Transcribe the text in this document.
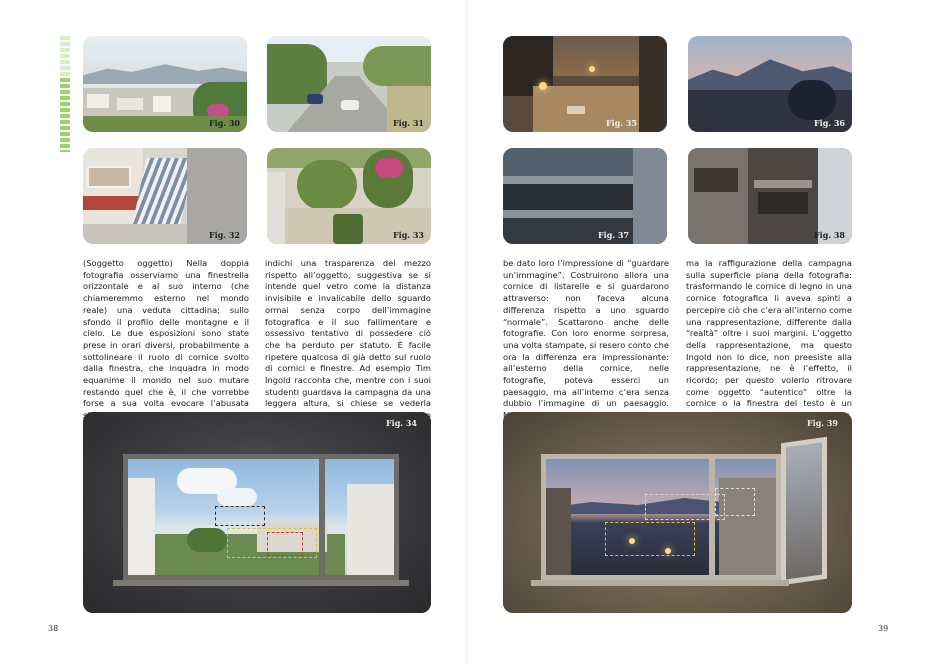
Fig. 30	Fig. 31
Fig. 32	Fig. 33
(Soggetto oggetto) Nella doppia fotografia osserviamo una finestrella orizzontale e al suo interno (che chiameremmo esterno nel mondo reale) una veduta cittadina; sullo sfondo il profilo delle montagne e il cielo. Le due esposizioni sono state prese in orari diversi, probabilmente a sottolineare il ruolo di cornice svolto dalla finestra, che inquadra in modo equanime il mondo nel suo mutare restando quel che è, il che vorrebbe forse a sua volta evocare l’abusata
indichi una trasparenza del mezzo rispetto all’oggetto, suggestiva se si intende quel vetro come la distanza invisibile e invalicabile dello sguardo ormai senza corpo dell’immagine fotografica e il suo fallimentare e ossessivo tentativo di possedere ciò che ha perduto per statuto. È facile ripetere qualcosa di già detto sul ruolo di cornici e finestre. Ad esempio Tim Ingold racconta che, mentre con i suoi studenti guardava la campagna da una leggera altura, si chiese se vederla
Fig. 34
38
Fig. 35	Fig. 36
Fig. 37	Fig. 38
be dato loro l’impressione di “guardare un’immagine”. Costruirono allora una cornice di listarelle e si guardarono attraverso: non faceva alcuna differenza rispetto a uno sguardo “normale”. Scattarono anche delle fotografie. Con loro enorme sorpresa, una volta stampate, si resero conto che ora la differenza era impressionante: all’esterno della cornice, nelle fotografie, poteva esserci un paesaggio, ma all’interno c’era senza dubbio l’immagine di un paesaggio.
ma la raffigurazione della campagna sulla superficie piana della fotografia: trasformando le cornice di legno in una cornice fotografica li aveva spinti a percepire ciò che c’era all’interno come una rappresentazione, differente dalla “realtà” oltre i suoi margini. L’oggetto della rappresentazione, ma questo Ingold non lo dice, non preesiste alla rappresentazione, ne è l’effetto, il ricordo; per questo volerlo ritrovare come oggetto “autentico” oltre la cornice o la finestra del testo è un
Fig. 39
39
